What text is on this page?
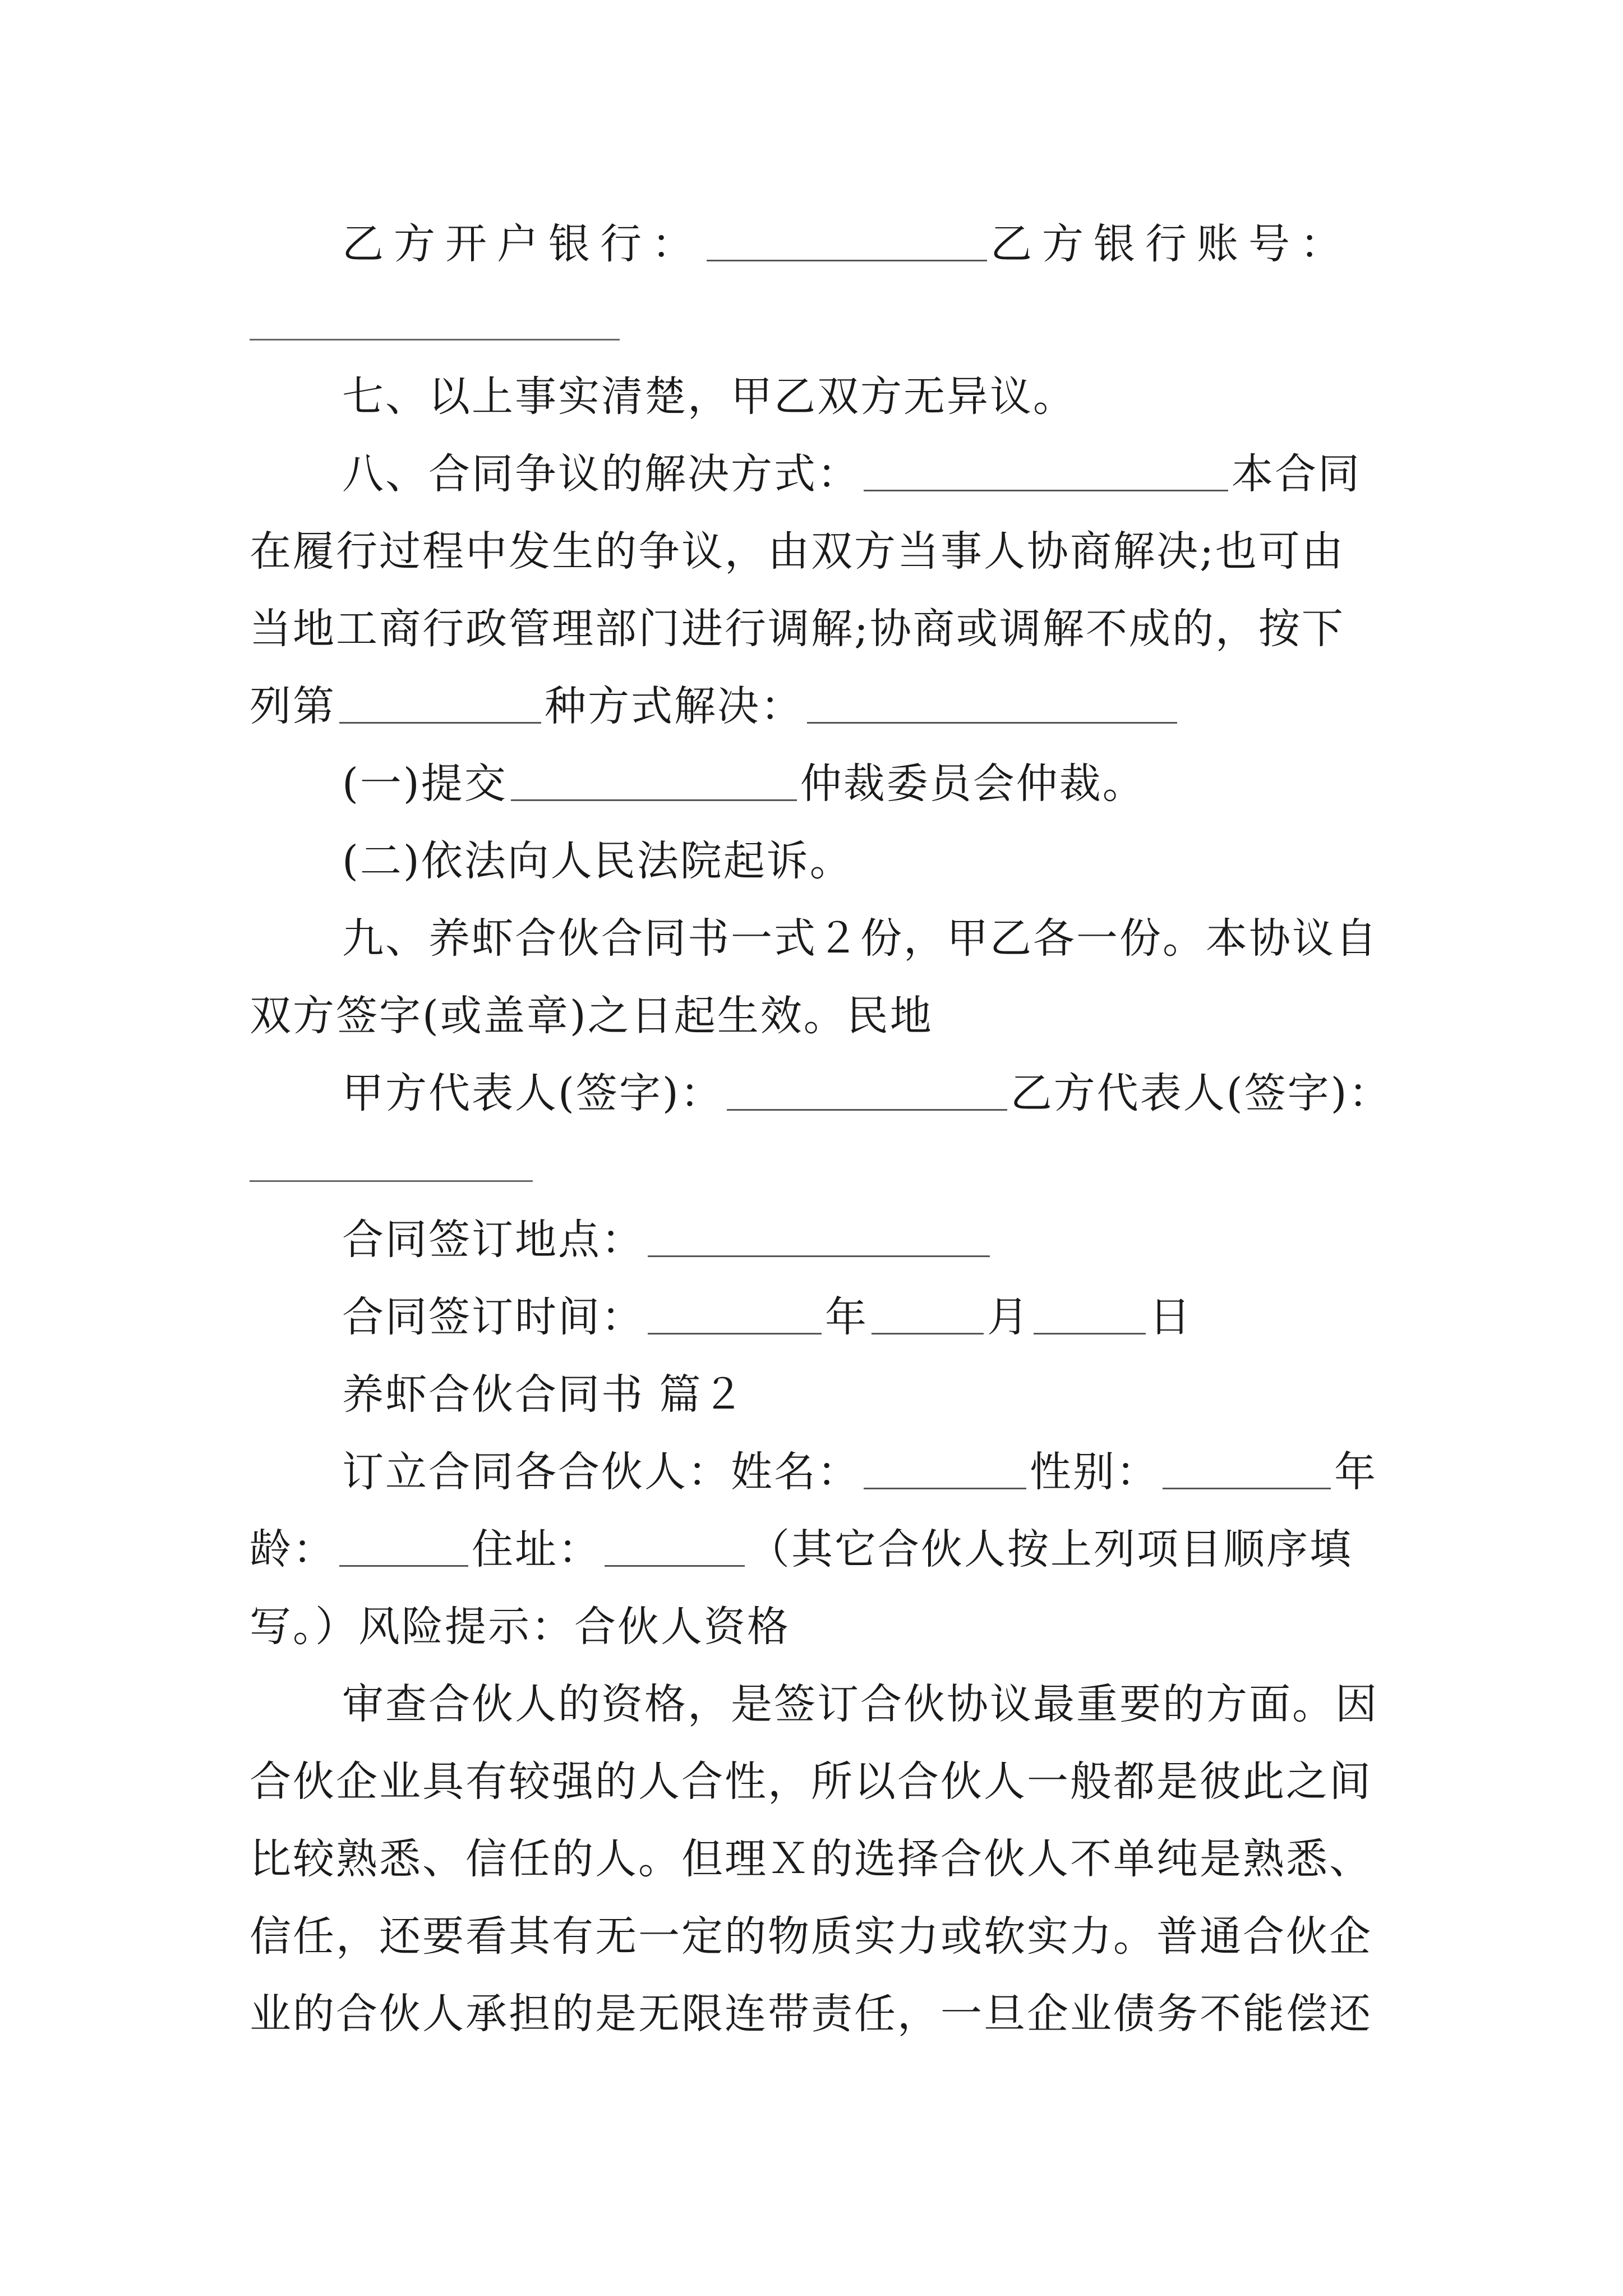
乙方开户银行：	乙方银行账号：
七、以上事实清楚，甲乙双方无异议。
八、合同争议的解决方式：	本合同
在履行过程中发生的争议，由双方当事人协商解决;也可由
当地工商行政管理部门进行调解;协商或调解不成的，按下
列第	种方式解决：
(一)提交	仲裁委员会仲裁。
(二)依法向人民法院起诉。
九、养虾合伙合同书一式２份，甲乙各一份。本协议自
双方签字(或盖章)之日起生效。民地
甲方代表人(签字)：	乙方代表人(签字)：
合同签订地点：
合同签订时间：	年	月	日
养虾合伙合同书 篇２
订立合同各合伙人：姓名：	性别：	年
龄：	住址：	（其它合伙人按上列项目顺序填
写。）风险提示：合伙人资格
审查合伙人的资格，是签订合伙协议最重要的方面。因
合伙企业具有较强的人合性，所以合伙人一般都是彼此之间
比较熟悉、信任的人。但理Ｘ的选择合伙人不单纯是熟悉、
信任，还要看其有无一定的物质实力或软实力。普通合伙企
业的合伙人承担的是无限连带责任，一旦企业债务不能偿还
